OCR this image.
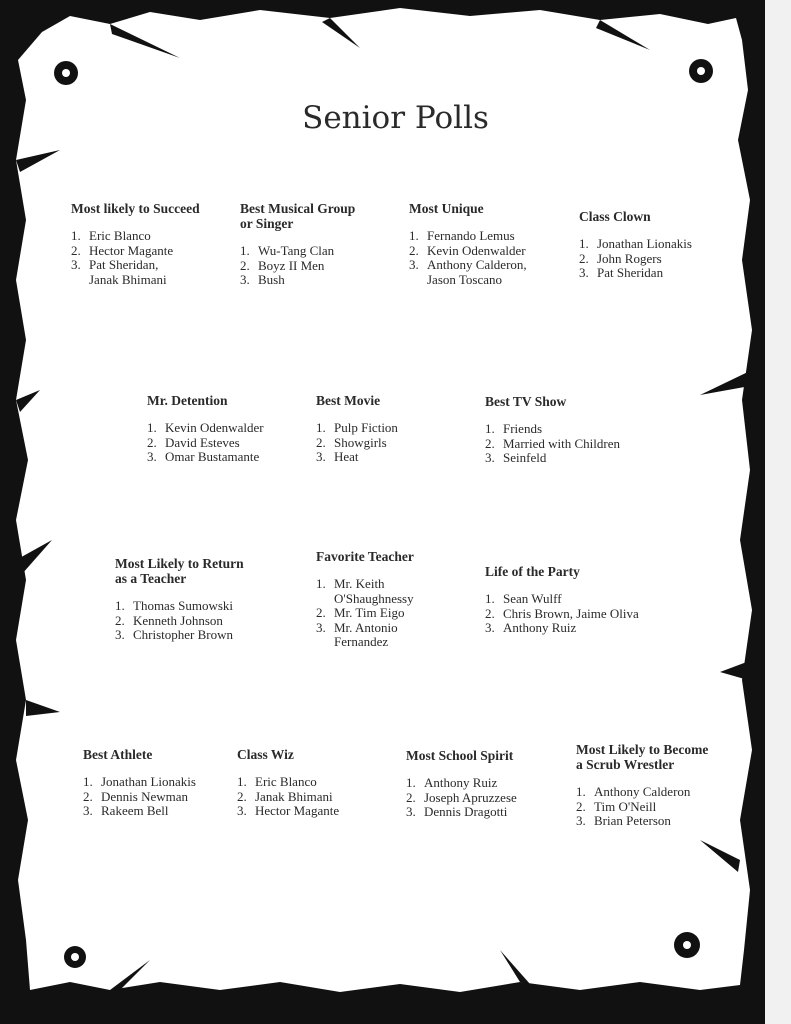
Senior Polls
Most likely to Succeed
1. Eric Blanco
2. Hector Magante
3. Pat Sheridan,
Janak Bhimani
Best Musical Group
or Singer
1. Wu-Tang Clan
2. Boyz II Men
3. Bush
Most Unique
1. Fernando Lemus
2. Kevin Odenwalder
3. Anthony Calderon,
Jason Toscano
Class Clown
1. Jonathan Lionakis
2. John Rogers
3. Pat Sheridan
Mr. Detention
1. Kevin Odenwalder
2. David Esteves
3. Omar Bustamante
Best Movie
1. Pulp Fiction
2. Showgirls
3. Heat
Best TV Show
1. Friends
2. Married with Children
3. Seinfeld
Most Likely to Return
as a Teacher
1. Thomas Sumowski
2. Kenneth Johnson
3. Christopher Brown
Favorite Teacher
1. Mr. Keith
O'Shaughnessy
2. Mr. Tim Eigo
3. Mr. Antonio
Fernandez
Life of the Party
1. Sean Wulff
2. Chris Brown, Jaime Oliva
3. Anthony Ruiz
Best Athlete
1. Jonathan Lionakis
2. Dennis Newman
3. Rakeem Bell
Class Wiz
1. Eric Blanco
2. Janak Bhimani
3. Hector Magante
Most School Spirit
1. Anthony Ruiz
2. Joseph Apruzzese
3. Dennis Dragotti
Most Likely to Become
a Scrub Wrestler
1. Anthony Calderon
2. Tim O'Neill
3. Brian Peterson
